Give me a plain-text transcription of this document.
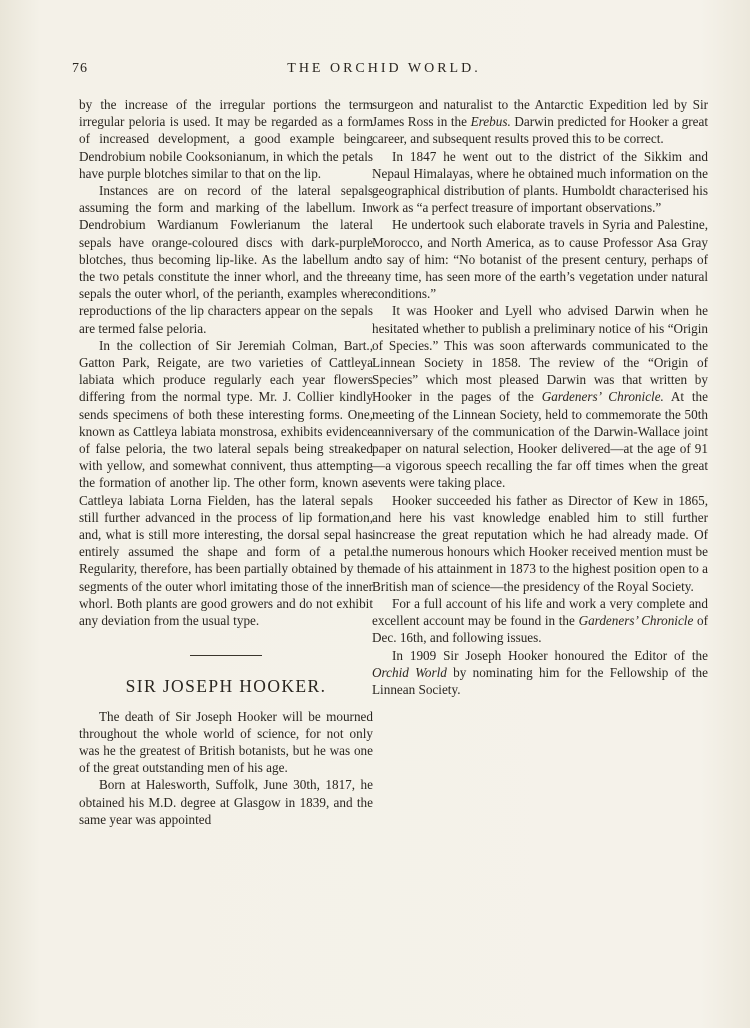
76	THE ORCHID WORLD.

by the increase of the irregular portions the term irregular peloria is used. It may be regarded as a form of increased development, a good example being Dendrobium nobile Cooksonianum, in which the petals have purple blotches similar to that on the lip.

Instances are on record of the lateral sepals assuming the form and marking of the labellum. In Dendrobium Wardianum Fowlerianum the lateral sepals have orange-coloured discs with dark-purple blotches, thus becoming lip-like. As the labellum and the two petals constitute the inner whorl, and the three sepals the outer whorl, of the perianth, examples where reproductions of the lip characters appear on the sepals are termed false peloria.

In the collection of Sir Jeremiah Colman, Bart., Gatton Park, Reigate, are two varieties of Cattleya labiata which produce regularly each year flowers differing from the normal type. Mr. J. Collier kindly sends specimens of both these interesting forms. One, known as Cattleya labiata monstrosa, exhibits evidence of false peloria, the two lateral sepals being streaked with yellow, and somewhat connivent, thus attempting the formation of another lip. The other form, known as Cattleya labiata Lorna Fielden, has the lateral sepals still further advanced in the process of lip formation, and, what is still more interesting, the dorsal sepal has entirely assumed the shape and form of a petal. Regularity, therefore, has been partially obtained by the segments of the outer whorl imitating those of the inner whorl. Both plants are good growers and do not exhibit any deviation from the usual type.

SIR JOSEPH HOOKER.

The death of Sir Joseph Hooker will be mourned throughout the whole world of science, for not only was he the greatest of British botanists, but he was one of the great outstanding men of his age.

Born at Halesworth, Suffolk, June 30th, 1817, he obtained his M.D. degree at Glasgow in 1839, and the same year was appointed

surgeon and naturalist to the Antarctic Expedition led by Sir James Ross in the Erebus. Darwin predicted for Hooker a great career, and subsequent results proved this to be correct.

In 1847 he went out to the district of the Sikkim and Nepaul Himalayas, where he obtained much information on the geographical distribution of plants. Humboldt characterised his work as “a perfect treasure of important observations.”

He undertook such elaborate travels in Syria and Palestine, Morocco, and North America, as to cause Professor Asa Gray to say of him: “No botanist of the present century, perhaps of any time, has seen more of the earth’s vegetation under natural conditions.”

It was Hooker and Lyell who advised Darwin when he hesitated whether to publish a preliminary notice of his “Origin of Species.” This was soon afterwards communicated to the Linnean Society in 1858. The review of the “Origin of Species” which most pleased Darwin was that written by Hooker in the pages of the Gardeners’ Chronicle. At the meeting of the Linnean Society, held to commemorate the 50th anniversary of the communication of the Darwin-Wallace joint paper on natural selection, Hooker delivered—at the age of 91—a vigorous speech recalling the far off times when the great events were taking place.

Hooker succeeded his father as Director of Kew in 1865, and here his vast knowledge enabled him to still further increase the great reputation which he had already made. Of the numerous honours which Hooker received mention must be made of his attainment in 1873 to the highest position open to a British man of science—the presidency of the Royal Society.

For a full account of his life and work a very complete and excellent account may be found in the Gardeners’ Chronicle of Dec. 16th, and following issues.

In 1909 Sir Joseph Hooker honoured the Editor of the Orchid World by nominating him for the Fellowship of the Linnean Society.
